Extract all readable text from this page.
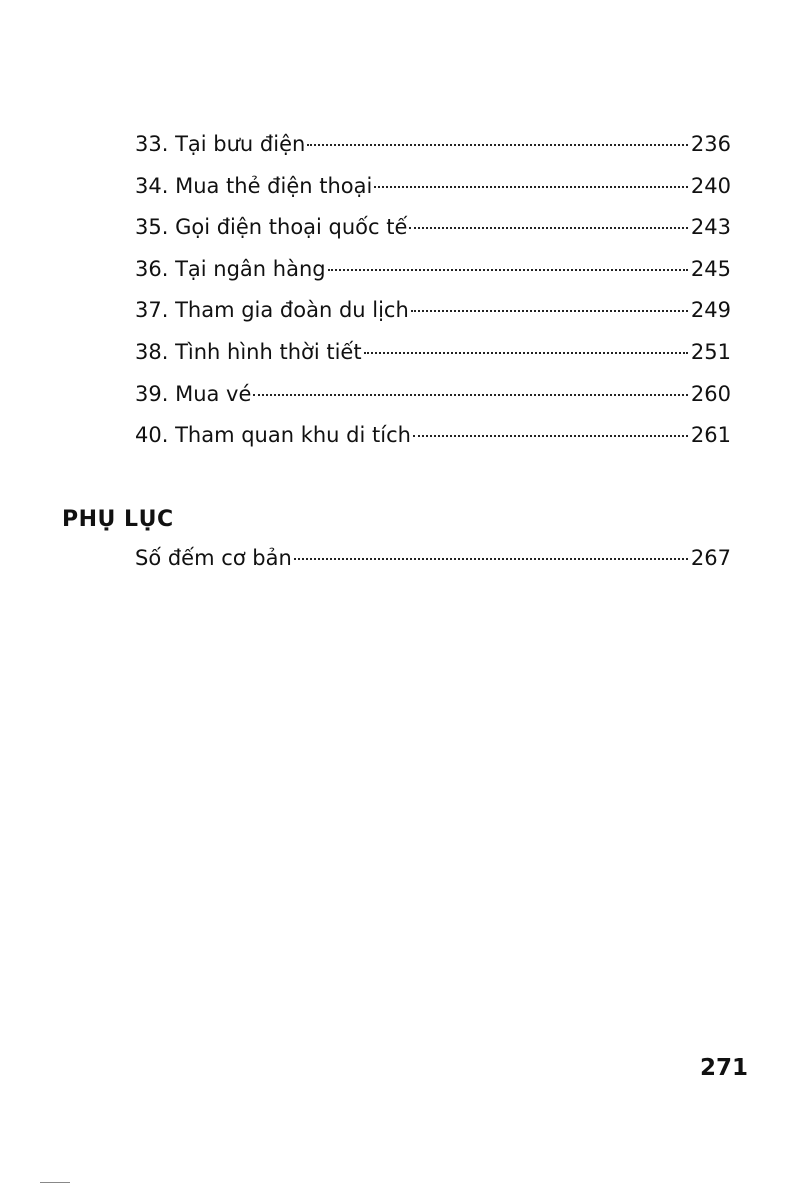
33. Tại bưu điện	236
34. Mua thẻ điện thoại	240
35. Gọi điện thoại quốc tế	243
36. Tại ngân hàng	245
37. Tham gia đoàn du lịch	249
38. Tình hình thời tiết	251
39. Mua vé	260
40. Tham quan khu di tích	261
PHỤ LỤC
Số đếm cơ bản	267
271
